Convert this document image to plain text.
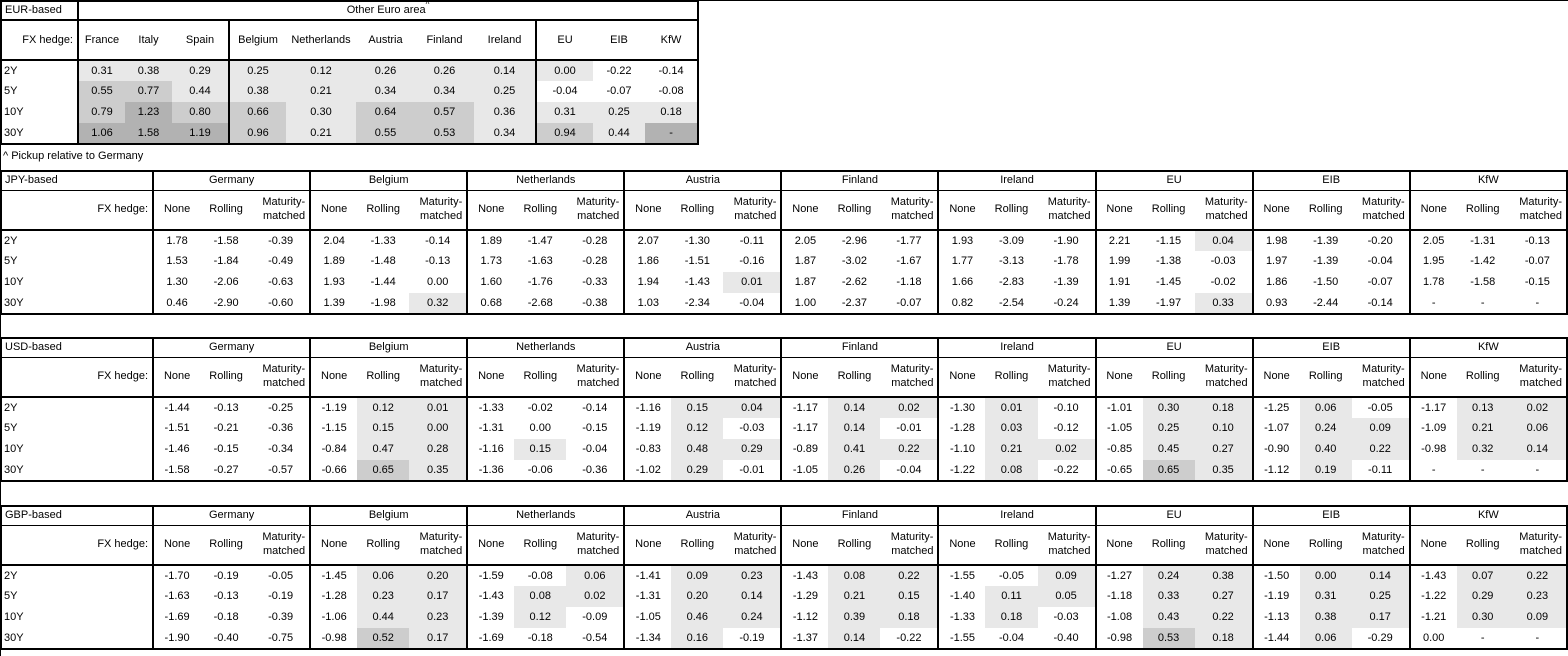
EUR-based	Other Euro area^
FX hedge:	France	Italy	Spain	Belgium	Netherlands	Austria	Finland	Ireland	EU	EIB	KfW
2Y	0.31	0.38	0.29	0.25	0.12	0.26	0.26	0.14	0.00	-0.22	-0.14
5Y	0.55	0.77	0.44	0.38	0.21	0.34	0.34	0.25	-0.04	-0.07	-0.08
10Y	0.79	1.23	0.80	0.66	0.30	0.64	0.57	0.36	0.31	0.25	0.18
30Y	1.06	1.58	1.19	0.96	0.21	0.55	0.53	0.34	0.94	0.44	-
^ Pickup relative to Germany
JPY-based	Germany			Belgium			Netherlands			Austria			Finland			Ireland			EU			EIB			KfW		
FX hedge:	None	Rolling	Maturity-matched	None	Rolling	Maturity-matched	None	Rolling	Maturity-matched	None	Rolling	Maturity-matched	None	Rolling	Maturity-matched	None	Rolling	Maturity-matched	None	Rolling	Maturity-matched	None	Rolling	Maturity-matched	None	Rolling	Maturity-matched
2Y	1.78	-1.58	-0.39	2.04	-1.33	-0.14	1.89	-1.47	-0.28	2.07	-1.30	-0.11	2.05	-2.96	-1.77	1.93	-3.09	-1.90	2.21	-1.15	0.04	1.98	-1.39	-0.20	2.05	-1.31	-0.13
5Y	1.53	-1.84	-0.49	1.89	-1.48	-0.13	1.73	-1.63	-0.28	1.86	-1.51	-0.16	1.87	-3.02	-1.67	1.77	-3.13	-1.78	1.99	-1.38	-0.03	1.97	-1.39	-0.04	1.95	-1.42	-0.07
10Y	1.30	-2.06	-0.63	1.93	-1.44	0.00	1.60	-1.76	-0.33	1.94	-1.43	0.01	1.87	-2.62	-1.18	1.66	-2.83	-1.39	1.91	-1.45	-0.02	1.86	-1.50	-0.07	1.78	-1.58	-0.15
30Y	0.46	-2.90	-0.60	1.39	-1.98	0.32	0.68	-2.68	-0.38	1.03	-2.34	-0.04	1.00	-2.37	-0.07	0.82	-2.54	-0.24	1.39	-1.97	0.33	0.93	-2.44	-0.14	-	-	-
USD-based	Germany			Belgium			Netherlands			Austria			Finland			Ireland			EU			EIB			KfW		
FX hedge:	None	Rolling	Maturity-matched	None	Rolling	Maturity-matched	None	Rolling	Maturity-matched	None	Rolling	Maturity-matched	None	Rolling	Maturity-matched	None	Rolling	Maturity-matched	None	Rolling	Maturity-matched	None	Rolling	Maturity-matched	None	Rolling	Maturity-matched
2Y	-1.44	-0.13	-0.25	-1.19	0.12	0.01	-1.33	-0.02	-0.14	-1.16	0.15	0.04	-1.17	0.14	0.02	-1.30	0.01	-0.10	-1.01	0.30	0.18	-1.25	0.06	-0.05	-1.17	0.13	0.02
5Y	-1.51	-0.21	-0.36	-1.15	0.15	0.00	-1.31	0.00	-0.15	-1.19	0.12	-0.03	-1.17	0.14	-0.01	-1.28	0.03	-0.12	-1.05	0.25	0.10	-1.07	0.24	0.09	-1.09	0.21	0.06
10Y	-1.46	-0.15	-0.34	-0.84	0.47	0.28	-1.16	0.15	-0.04	-0.83	0.48	0.29	-0.89	0.41	0.22	-1.10	0.21	0.02	-0.85	0.45	0.27	-0.90	0.40	0.22	-0.98	0.32	0.14
30Y	-1.58	-0.27	-0.57	-0.66	0.65	0.35	-1.36	-0.06	-0.36	-1.02	0.29	-0.01	-1.05	0.26	-0.04	-1.22	0.08	-0.22	-0.65	0.65	0.35	-1.12	0.19	-0.11	-	-	-
GBP-based	Germany			Belgium			Netherlands			Austria			Finland			Ireland			EU			EIB			KfW		
FX hedge:	None	Rolling	Maturity-matched	None	Rolling	Maturity-matched	None	Rolling	Maturity-matched	None	Rolling	Maturity-matched	None	Rolling	Maturity-matched	None	Rolling	Maturity-matched	None	Rolling	Maturity-matched	None	Rolling	Maturity-matched	None	Rolling	Maturity-matched
2Y	-1.70	-0.19	-0.05	-1.45	0.06	0.20	-1.59	-0.08	0.06	-1.41	0.09	0.23	-1.43	0.08	0.22	-1.55	-0.05	0.09	-1.27	0.24	0.38	-1.50	0.00	0.14	-1.43	0.07	0.22
5Y	-1.63	-0.13	-0.19	-1.28	0.23	0.17	-1.43	0.08	0.02	-1.31	0.20	0.14	-1.29	0.21	0.15	-1.40	0.11	0.05	-1.18	0.33	0.27	-1.19	0.31	0.25	-1.22	0.29	0.23
10Y	-1.69	-0.18	-0.39	-1.06	0.44	0.23	-1.39	0.12	-0.09	-1.05	0.46	0.24	-1.12	0.39	0.18	-1.33	0.18	-0.03	-1.08	0.43	0.22	-1.13	0.38	0.17	-1.21	0.30	0.09
30Y	-1.90	-0.40	-0.75	-0.98	0.52	0.17	-1.69	-0.18	-0.54	-1.34	0.16	-0.19	-1.37	0.14	-0.22	-1.55	-0.04	-0.40	-0.98	0.53	0.18	-1.44	0.06	-0.29	0.00	-	-
